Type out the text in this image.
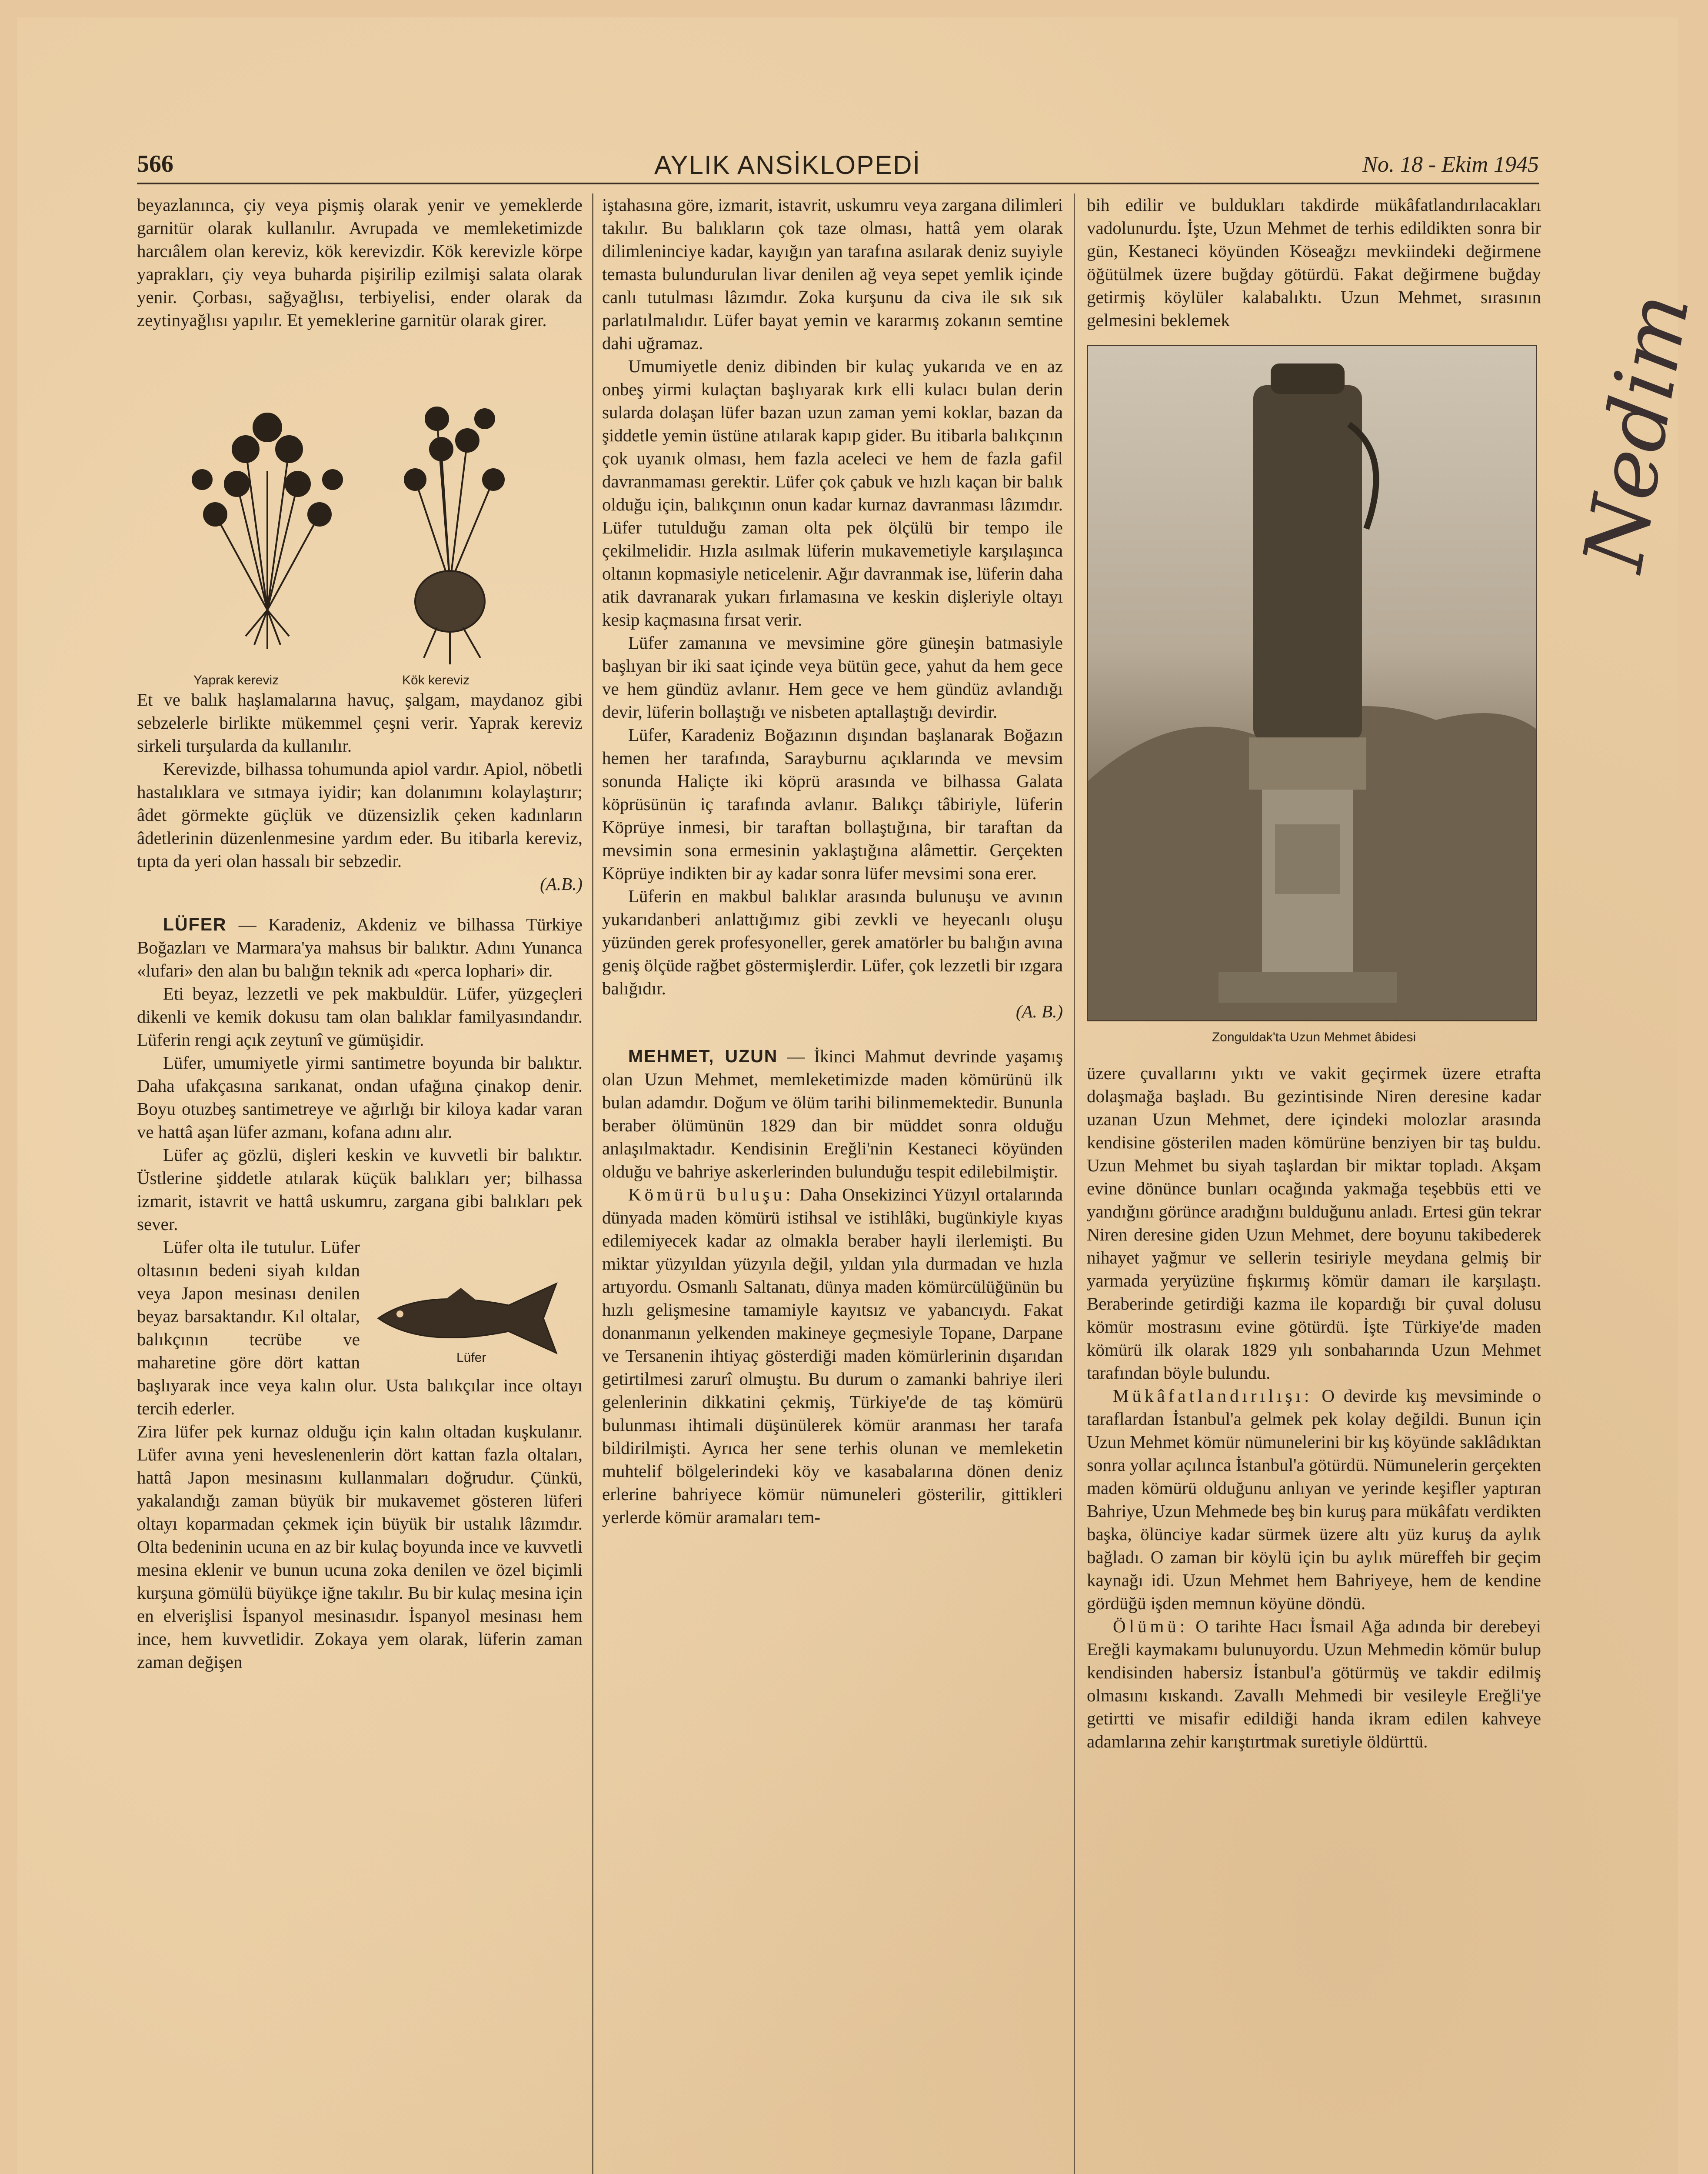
566	AYLIK ANSİKLOPEDİ	No. 18 - Ekim 1945

beyazlanınca, çiy veya pişmiş olarak yenir ve yemeklerde garnitür olarak kullanılır. Avrupada ve memleketimizde harcıâlem olan kereviz, kök kerevizdir. Kök kerevizle körpe yaprakları, çiy veya buharda pişirilip ezilmişi salata olarak yenir. Çorbası, sağyağlısı, terbiyelisi, ender olarak da zeytinyağlısı yapılır. Et yemeklerine garnitür olarak girer.

Yaprak kereviz	Kök kereviz

Et ve balık haşlamalarına havuç, şalgam, maydanoz gibi sebzelerle birlikte mükemmel çeşni verir. Yaprak kereviz sirkeli turşularda da kullanılır.

Kerevizde, bilhassa tohumunda apiol vardır. Apiol, nöbetli hastalıklara ve sıtmaya iyidir; kan dolanımını kolaylaştırır; âdet görmekte güçlük ve düzensizlik çeken kadınların âdetlerinin düzenlenmesine yardım eder. Bu itibarla kereviz, tıpta da yeri olan hassalı bir sebzedir.

(A.B.)

LÜFER — Karadeniz, Akdeniz ve bilhassa Türkiye Boğazları ve Marmara'ya mahsus bir balıktır. Adını Yunanca «lufari» den alan bu balığın teknik adı «perca lophari» dir.

Eti beyaz, lezzetli ve pek makbuldür. Lüfer, yüzgeçleri dikenli ve kemik dokusu tam olan balıklar familyasındandır. Lüferin rengi açık zeytunî ve gümüşidir.

Lüfer, umumiyetle yirmi santimetre boyunda bir balıktır. Daha ufakçasına sarıkanat, ondan ufağına çinakop denir. Boyu otuzbeş santimetreye ve ağırlığı bir kiloya kadar varan ve hattâ aşan lüfer azmanı, kofana adını alır.

Lüfer aç gözlü, dişleri keskin ve kuvvetli bir balıktır. Üstlerine şiddetle atılarak küçük balıkları yer; bilhassa izmarit, istavrit ve hattâ uskumru, zargana gibi balıkları pek sever.

Lüfer

Lüfer olta ile tutulur. Lüfer oltasının bedeni siyah kıldan veya Japon mesinası denilen beyaz barsaktandır. Kıl oltalar, balıkçının tecrübe ve maharetine göre dört kattan başlıyarak ince veya kalın olur. Usta balıkçılar ince oltayı tercih ederler.

Zira lüfer pek kurnaz olduğu için kalın oltadan kuşkulanır. Lüfer avına yeni heveslenenlerin dört kattan fazla oltaları, hattâ Japon mesinasını kullanmaları doğrudur. Çünkü, yakalandığı zaman büyük bir mukavemet gösteren lüferi oltayı koparmadan çekmek için büyük bir ustalık lâzımdır. Olta bedeninin ucuna en az bir kulaç boyunda ince ve kuvvetli mesina eklenir ve bunun ucuna zoka denilen ve özel biçimli kurşuna gömülü büyükçe iğne takılır. Bu bir kulaç mesina için en elverişlisi İspanyol mesinasıdır. İspanyol mesinası hem ince, hem kuvvetlidir. Zokaya yem olarak, lüferin zaman zaman değişen

iştahasına göre, izmarit, istavrit, uskumru veya zargana dilimleri takılır. Bu balıkların çok taze olması, hattâ yem olarak dilimleninciye kadar, kayığın yan tarafına asılarak deniz suyiyle temasta bulundurulan livar denilen ağ veya sepet yemlik içinde canlı tutulması lâzımdır. Zoka kurşunu da civa ile sık sık parlatılmalıdır. Lüfer bayat yemin ve kararmış zokanın semtine dahi uğramaz.

Umumiyetle deniz dibinden bir kulaç yukarıda ve en az onbeş yirmi kulaçtan başlıyarak kırk elli kulacı bulan derin sularda dolaşan lüfer bazan uzun zaman yemi koklar, bazan da şiddetle yemin üstüne atılarak kapıp gider. Bu itibarla balıkçının çok uyanık olması, hem fazla aceleci ve hem de fazla gafil davranmaması gerektir. Lüfer çok çabuk ve hızlı kaçan bir balık olduğu için, balıkçının onun kadar kurnaz davranması lâzımdır. Lüfer tutulduğu zaman olta pek ölçülü bir tempo ile çekilmelidir. Hızla asılmak lüferin mukavemetiyle karşılaşınca oltanın kopmasiyle neticelenir. Ağır davranmak ise, lüferin daha atik davranarak yukarı fırlamasına ve keskin dişleriyle oltayı kesip kaçmasına fırsat verir.

Lüfer zamanına ve mevsimine göre güneşin batmasiyle başlıyan bir iki saat içinde veya bütün gece, yahut da hem gece ve hem gündüz avlanır. Hem gece ve hem gündüz avlandığı devir, lüferin bollaştığı ve nisbeten aptallaştığı devirdir.

Lüfer, Karadeniz Boğazının dışından başlanarak Boğazın hemen her tarafında, Sarayburnu açıklarında ve mevsim sonunda Haliçte iki köprü arasında ve bilhassa Galata köprüsünün iç tarafında avlanır. Balıkçı tâbiriyle, lüferin Köprüye inmesi, bir taraftan bollaştığına, bir taraftan da mevsimin sona ermesinin yaklaştığına alâmettir. Gerçekten Köprüye indikten bir ay kadar sonra lüfer mevsimi sona erer.

Lüferin en makbul balıklar arasında bulunuşu ve avının yukarıdanberi anlattığımız gibi zevkli ve heyecanlı oluşu yüzünden gerek profesyoneller, gerek amatörler bu balığın avına geniş ölçüde rağbet göstermişlerdir. Lüfer, çok lezzetli bir ızgara balığıdır.

(A. B.)

MEHMET, UZUN — İkinci Mahmut devrinde yaşamış olan Uzun Mehmet, memleketimizde maden kömürünü ilk bulan adamdır. Doğum ve ölüm tarihi bilinmemektedir. Bununla beraber ölümünün 1829 dan bir müddet sonra olduğu anlaşılmaktadır. Kendisinin Ereğli'nin Kestaneci köyünden olduğu ve bahriye askerlerinden bulunduğu tespit edilebilmiştir.

Kömürü buluşu: Daha Onsekizinci Yüzyıl ortalarında dünyada maden kömürü istihsal ve istihlâki, bugünkiyle kıyas edilemiyecek kadar az olmakla beraber hayli ilerlemişti. Bu miktar yüzyıldan yüzyıla değil, yıldan yıla durmadan ve hızla artıyordu. Osmanlı Saltanatı, dünya maden kömürcülüğünün bu hızlı gelişmesine tamamiyle kayıtsız ve yabancıydı. Fakat donanmanın yelkenden makineye geçmesiyle Topane, Darpane ve Tersanenin ihtiyaç gösterdiği maden kömürlerinin dışarıdan getirtilmesi zarurî olmuştu. Bu durum o zamanki bahriye ileri gelenlerinin dikkatini çekmiş, Türkiye'de de taş kömürü bulunması ihtimali düşünülerek kömür aranması her tarafa bildirilmişti. Ayrıca her sene terhis olunan ve memleketin muhtelif bölgelerindeki köy ve kasabalarına dönen deniz erlerine bahriyece kömür nümuneleri gösterilir, gittikleri yerlerde kömür aramaları tem-

bih edilir ve buldukları takdirde mükâfatlandırılacakları vadolunurdu. İşte, Uzun Mehmet de terhis edildikten sonra bir gün, Kestaneci köyünden Köseağzı mevkiindeki değirmene öğütülmek üzere buğday götürdü. Fakat değirmene buğday getirmiş köylüler kalabalıktı. Uzun Mehmet, sırasının gelmesini beklemek

Zonguldak'ta Uzun Mehmet âbidesi

üzere çuvallarını yıktı ve vakit geçirmek üzere etrafta dolaşmağa başladı. Bu gezintisinde Niren deresine kadar uzanan Uzun Mehmet, dere içindeki molozlar arasında kendisine gösterilen maden kömürüne benziyen bir taş buldu. Uzun Mehmet bu siyah taşlardan bir miktar topladı. Akşam evine dönünce bunları ocağında yakmağa teşebbüs etti ve yandığını görünce aradığını bulduğunu anladı. Ertesi gün tekrar Niren deresine giden Uzun Mehmet, dere boyunu takibederek nihayet yağmur ve sellerin tesiriyle meydana gelmiş bir yarmada yeryüzüne fışkırmış kömür damarı ile karşılaştı. Beraberinde getirdiği kazma ile kopardığı bir çuval dolusu kömür mostrasını evine götürdü. İşte Türkiye'de maden kömürü ilk olarak 1829 yılı sonbaharında Uzun Mehmet tarafından böyle bulundu.

Mükâfatlandırılışı: O devirde kış mevsiminde o taraflardan İstanbul'a gelmek pek kolay değildi. Bunun için Uzun Mehmet kömür nümunelerini bir kış köyünde saklâdıktan sonra yollar açılınca İstanbul'a götürdü. Nümunelerin gerçekten maden kömürü olduğunu anlıyan ve yerinde keşifler yaptıran Bahriye, Uzun Mehmede beş bin kuruş para mükâfatı verdikten başka, ölünciye kadar sürmek üzere altı yüz kuruş da aylık bağladı. O zaman bir köylü için bu aylık müreffeh bir geçim kaynağı idi. Uzun Mehmet hem Bahriyeye, hem de kendine gördüğü işden memnun köyüne döndü.

Ölümü: O tarihte Hacı İsmail Ağa adında bir derebeyi Ereğli kaymakamı bulunuyordu. Uzun Mehmedin kömür bulup kendisinden habersiz İstanbul'a götürmüş ve takdir edilmiş olmasını kıskandı. Zavallı Mehmedi bir vesileyle Ereğli'ye getirtti ve misafir edildiği handa ikram edilen kahveye adamlarına zehir karıştırtmak suretiyle öldürttü.

Nedim
